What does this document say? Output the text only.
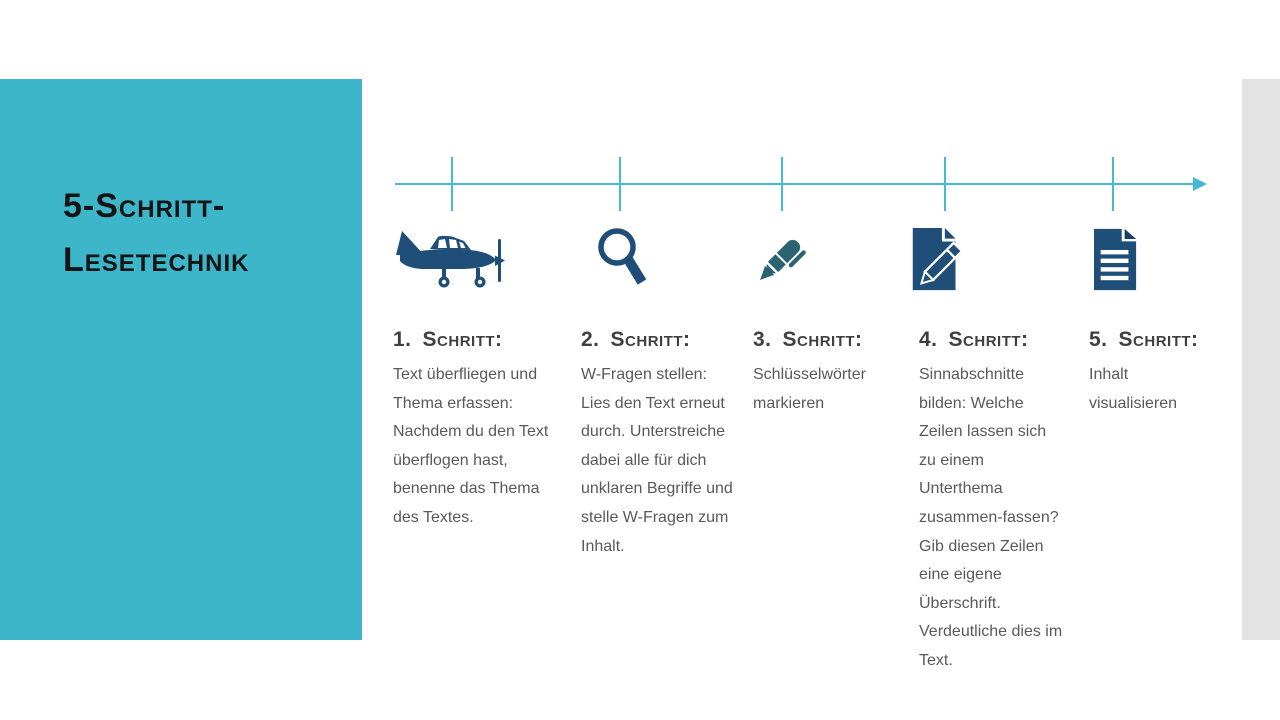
5-Schritt-
Lesetechnik
1. Schritt:

Text überfliegen und Thema erfassen: Nachdem du den Text überflogen hast, benenne das Thema des Textes.

2. Schritt:

W-Fragen stellen: Lies den Text erneut durch. Unterstreiche dabei alle für dich unklaren Begriffe und stelle W-Fragen zum Inhalt.

3. Schritt:

Schlüsselwörter markieren

4. Schritt:

Sinnabschnitte bilden: Welche Zeilen lassen sich zu einem Unterthema zusammen-fassen? Gib diesen Zeilen eine eigene Überschrift. Verdeutliche dies im Text.

5. Schritt:

Inhalt visualisieren
